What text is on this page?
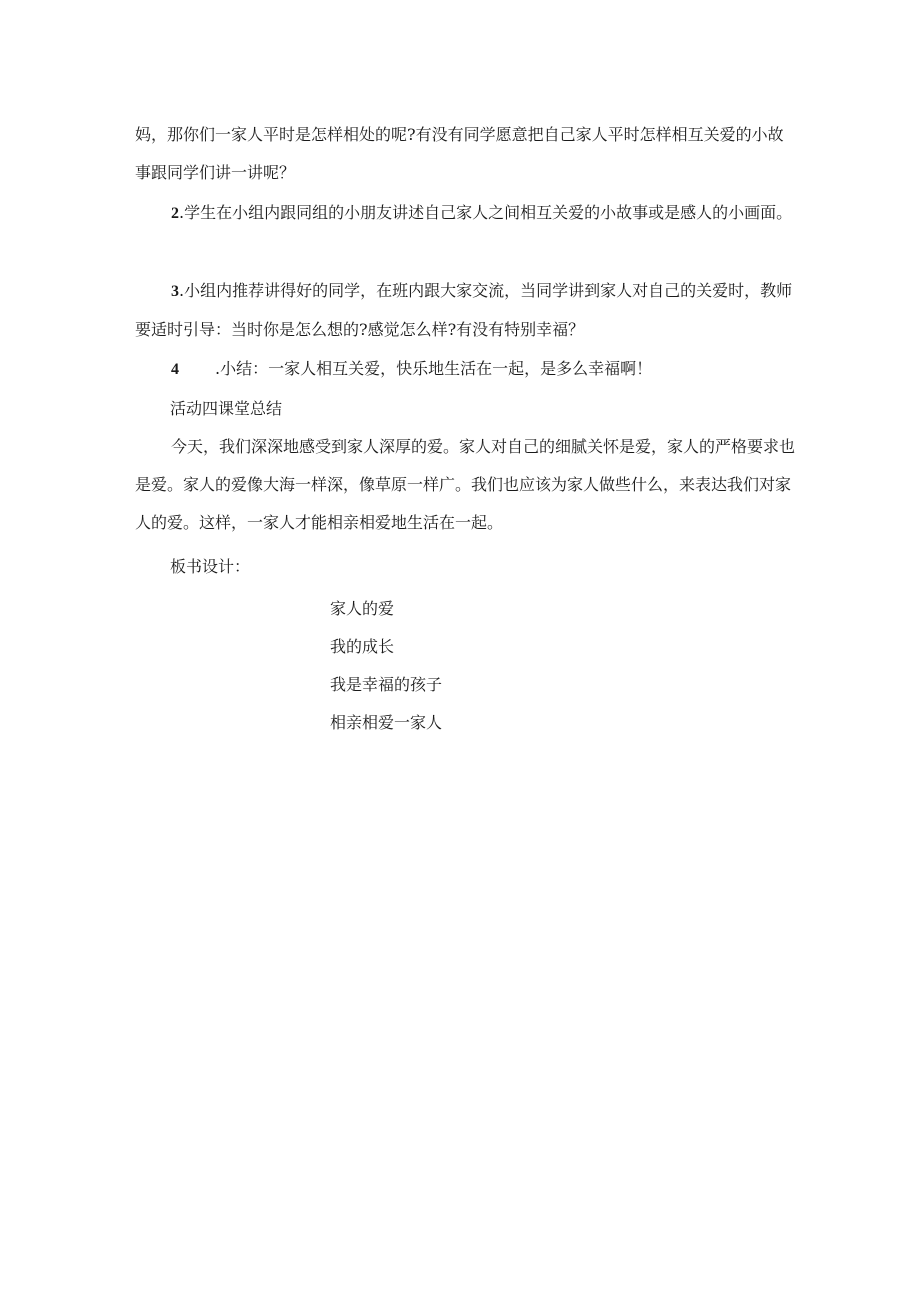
妈，那你们一家人平时是怎样相处的呢?有没有同学愿意把自己家人平时怎样相互关爱的小故事跟同学们讲一讲呢？

2.学生在小组内跟同组的小朋友讲述自己家人之间相互关爱的小故事或是感人的小画面。

3.小组内推荐讲得好的同学，在班内跟大家交流，当同学讲到家人对自己的关爱时，教师要适时引导：当时你是怎么想的?感觉怎么样?有没有特别幸福？

4 .小结：一家人相互关爱，快乐地生活在一起，是多么幸福啊！

活动四课堂总结

今天，我们深深地感受到家人深厚的爱。家人对自己的细腻关怀是爱，家人的严格要求也是爱。家人的爱像大海一样深，像草原一样广。我们也应该为家人做些什么，来表达我们对家人的爱。这样，一家人才能相亲相爱地生活在一起。

板书设计：

家人的爱

我的成长

我是幸福的孩子

相亲相爱一家人
